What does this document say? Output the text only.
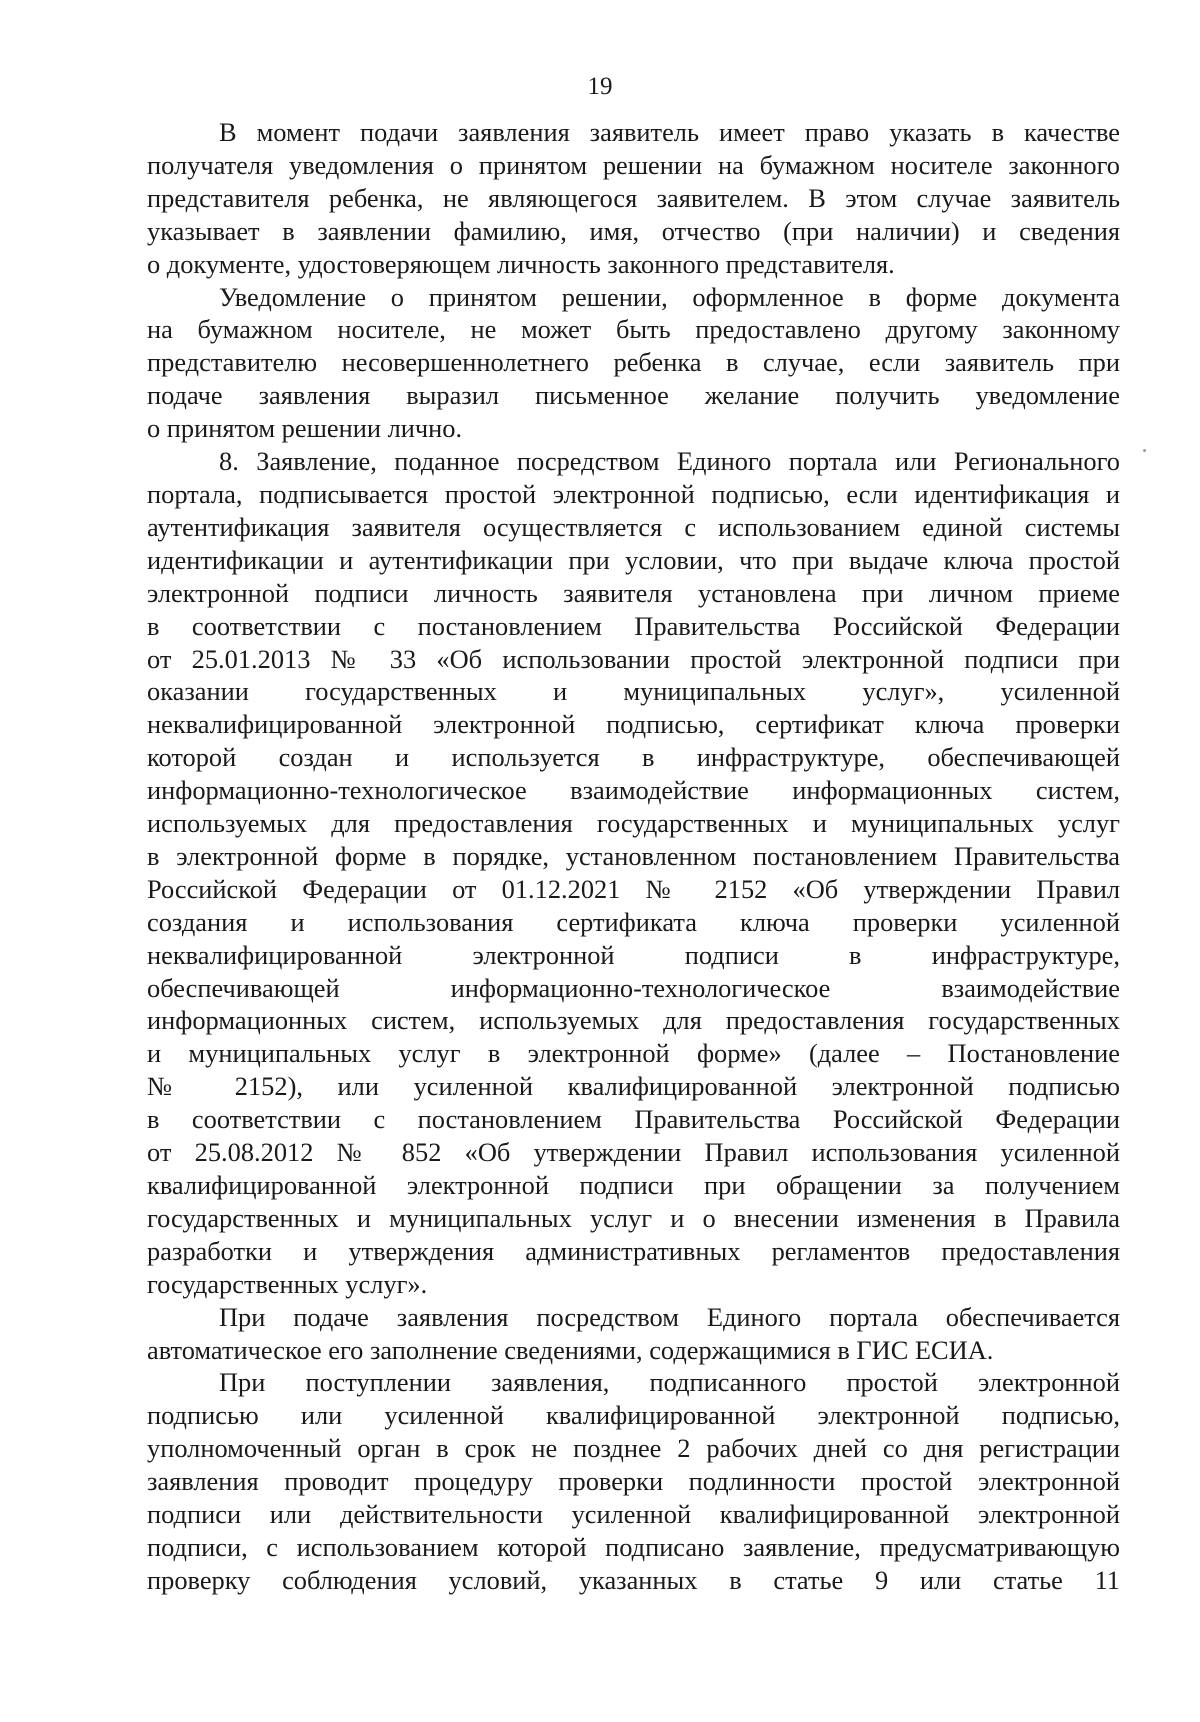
19
В момент подачи заявления заявитель имеет право указать в качестве
получателя уведомления о принятом решении на бумажном носителе законного
представителя ребенка, не являющегося заявителем. В этом случае заявитель
указывает в заявлении фамилию, имя, отчество (при наличии) и сведения
о документе, удостоверяющем личность законного представителя.
Уведомление о принятом решении, оформленное в форме документа
на бумажном носителе, не может быть предоставлено другому законному
представителю несовершеннолетнего ребенка в случае, если заявитель при
подаче заявления выразил письменное желание получить уведомление
о принятом решении лично.
8. Заявление, поданное посредством Единого портала или Регионального
портала, подписывается простой электронной подписью, если идентификация и
аутентификация заявителя осуществляется с использованием единой системы
идентификации и аутентификации при условии, что при выдаче ключа простой
электронной подписи личность заявителя установлена при личном приеме
в соответствии с постановлением Правительства Российской Федерации
от 25.01.2013 № 33 «Об использовании простой электронной подписи при
оказании государственных и муниципальных услуг», усиленной
неквалифицированной электронной подписью, сертификат ключа проверки
которой создан и используется в инфраструктуре, обеспечивающей
информационно-технологическое взаимодействие информационных систем,
используемых для предоставления государственных и муниципальных услуг
в электронной форме в порядке, установленном постановлением Правительства
Российской Федерации от 01.12.2021 № 2152 «Об утверждении Правил
создания и использования сертификата ключа проверки усиленной
неквалифицированной электронной подписи в инфраструктуре,
обеспечивающей информационно-технологическое взаимодействие
информационных систем, используемых для предоставления государственных
и муниципальных услуг в электронной форме» (далее – Постановление
№ 2152), или усиленной квалифицированной электронной подписью
в соответствии с постановлением Правительства Российской Федерации
от 25.08.2012 № 852 «Об утверждении Правил использования усиленной
квалифицированной электронной подписи при обращении за получением
государственных и муниципальных услуг и о внесении изменения в Правила
разработки и утверждения административных регламентов предоставления
государственных услуг».
При подаче заявления посредством Единого портала обеспечивается
автоматическое его заполнение сведениями, содержащимися в ГИС ЕСИА.
При поступлении заявления, подписанного простой электронной
подписью или усиленной квалифицированной электронной подписью,
уполномоченный орган в срок не позднее 2 рабочих дней со дня регистрации
заявления проводит процедуру проверки подлинности простой электронной
подписи или действительности усиленной квалифицированной электронной
подписи, с использованием которой подписано заявление, предусматривающую
проверку соблюдения условий, указанных в статье 9 или статье 11
